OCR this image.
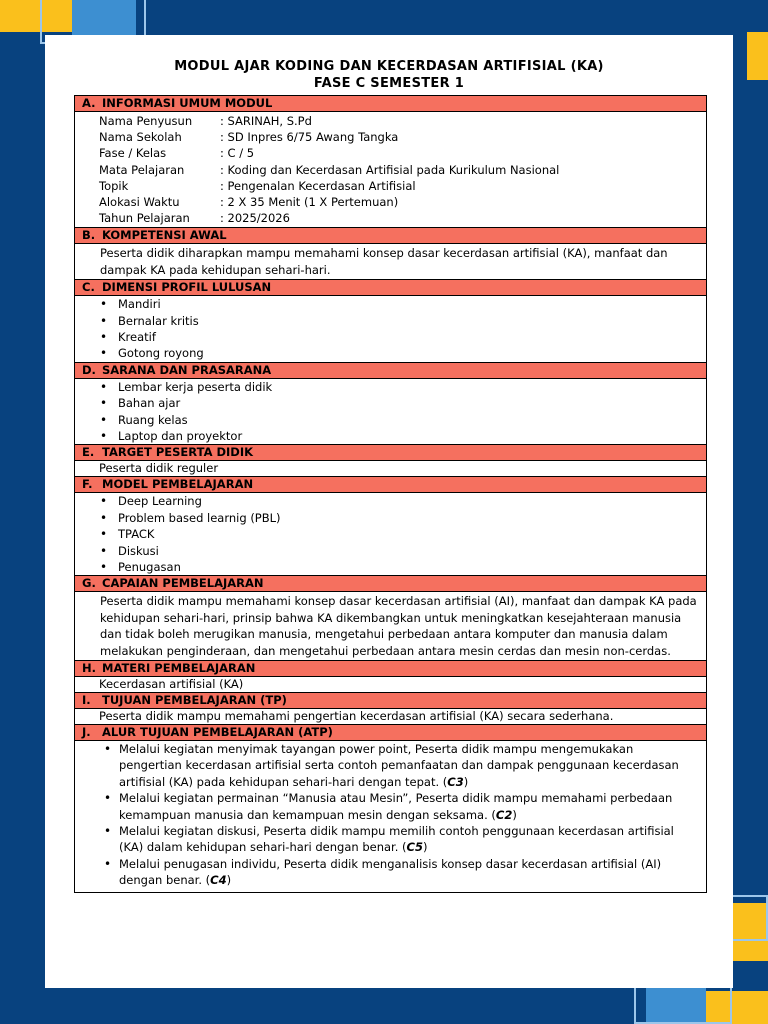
MODUL AJAR KODING DAN KECERDASAN ARTIFISIAL (KA)
FASE C SEMESTER 1
A. INFORMASI UMUM MODUL
Nama Penyusun	: SARINAH, S.Pd
Nama Sekolah	: SD Inpres 6/75 Awang Tangka
Fase / Kelas	: C / 5
Mata Pelajaran	: Koding dan Kecerdasan Artifisial pada Kurikulum Nasional
Topik	: Pengenalan Kecerdasan Artifisial
Alokasi Waktu	: 2 X 35 Menit (1 X Pertemuan)
Tahun Pelajaran	: 2025/2026
B. KOMPETENSI AWAL
Peserta didik diharapkan mampu memahami konsep dasar kecerdasan artifisial (KA), manfaat dan dampak KA pada kehidupan sehari-hari.
C. DIMENSI PROFIL LULUSAN
• Mandiri
• Bernalar kritis
• Kreatif
• Gotong royong
D. SARANA DAN PRASARANA
• Lembar kerja peserta didik
• Bahan ajar
• Ruang kelas
• Laptop dan proyektor
E. TARGET PESERTA DIDIK
Peserta didik reguler
F. MODEL PEMBELAJARAN
• Deep Learning
• Problem based learnig (PBL)
• TPACK
• Diskusi
• Penugasan
G. CAPAIAN PEMBELAJARAN
Peserta didik mampu memahami konsep dasar kecerdasan artifisial (AI), manfaat dan dampak KA pada kehidupan sehari-hari, prinsip bahwa KA dikembangkan untuk meningkatkan kesejahteraan manusia dan tidak boleh merugikan manusia, mengetahui perbedaan antara komputer dan manusia dalam melakukan penginderaan, dan mengetahui perbedaan antara mesin cerdas dan mesin non-cerdas.
H. MATERI PEMBELAJARAN
Kecerdasan artifisial (KA)
I. TUJUAN PEMBELAJARAN (TP)
Peserta didik mampu memahami pengertian kecerdasan artifisial (KA) secara sederhana.
J. ALUR TUJUAN PEMBELAJARAN (ATP)
• Melalui kegiatan menyimak tayangan power point, Peserta didik mampu mengemukakan pengertian kecerdasan artifisial serta contoh pemanfaatan dan dampak penggunaan kecerdasan artifisial (KA) pada kehidupan sehari-hari dengan tepat. (C3)
• Melalui kegiatan permainan “Manusia atau Mesin”, Peserta didik mampu memahami perbedaan kemampuan manusia dan kemampuan mesin dengan seksama. (C2)
• Melalui kegiatan diskusi, Peserta didik mampu memilih contoh penggunaan kecerdasan artifisial (KA) dalam kehidupan sehari-hari dengan benar. (C5)
• Melalui penugasan individu, Peserta didik menganalisis konsep dasar kecerdasan artifisial (AI) dengan benar. (C4)
